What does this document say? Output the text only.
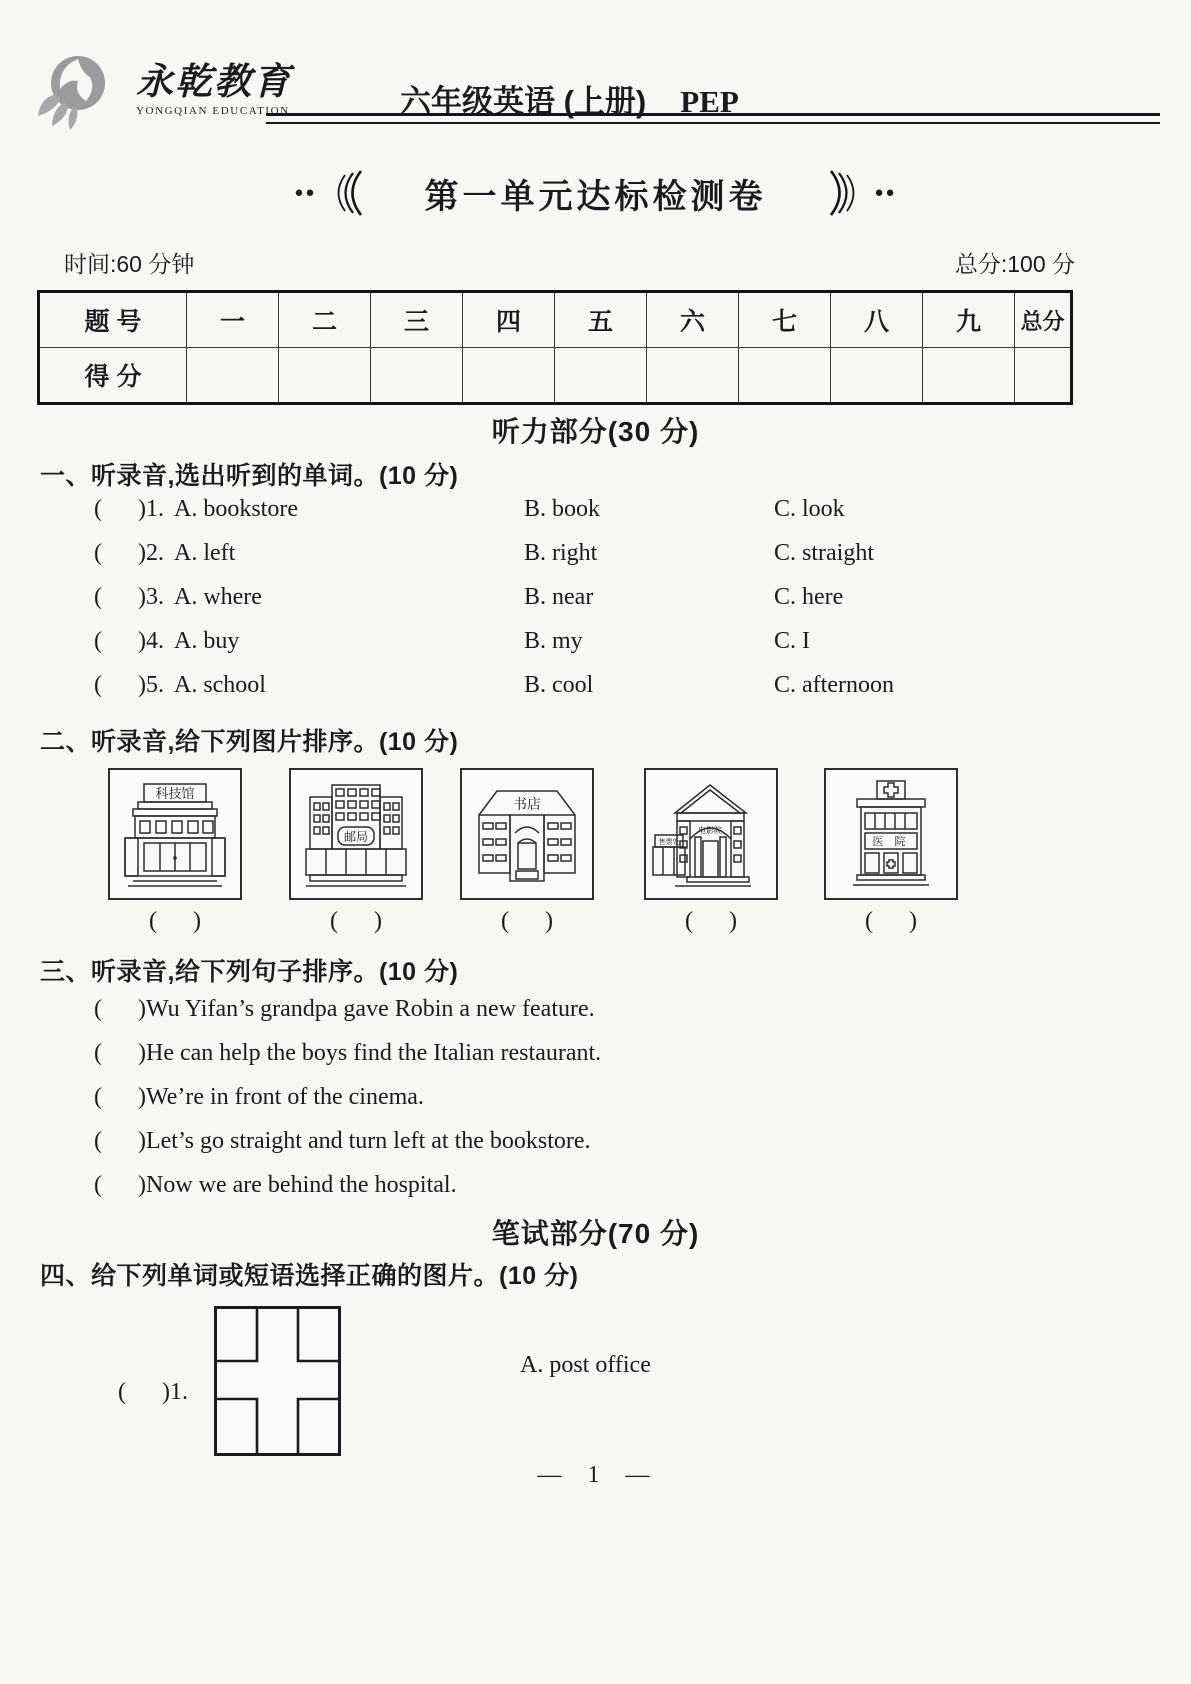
永乾教育
YONGQIAN EDUCATION	六年级英语 (上册) PEP
●●	第一单元达标检测卷	●●
时间:60 分钟	总分:100 分
题 号	一	二	三	四	五	六	七	八	九	总分
得 分										
听力部分(30 分)
一、听录音,选出听到的单词。(10 分)
(      )1. A. bookstore	B. book	C. look
(      )2. A. left	B. right	C. straight
(      )3. A. where	B. near	C. here
(      )4. A. buy	B. my	C. I
(      )5. A. school	B. cool	C. afternoon
二、听录音,给下列图片排序。(10 分)
科技馆
(      )
邮局
(      )
书店
(      )
电影院
售票处
(      )
医 院
(      )
三、听录音,给下列句子排序。(10 分)
(      ) Wu Yifan’s grandpa gave Robin a new feature.
(      ) He can help the boys find the Italian restaurant.
(      ) We’re in front of the cinema.
(      ) Let’s go straight and turn left at the bookstore.
(      ) Now we are behind the hospital.
笔试部分(70 分)
四、给下列单词或短语选择正确的图片。(10 分)

(      )1.

A. post office
— 1 —
